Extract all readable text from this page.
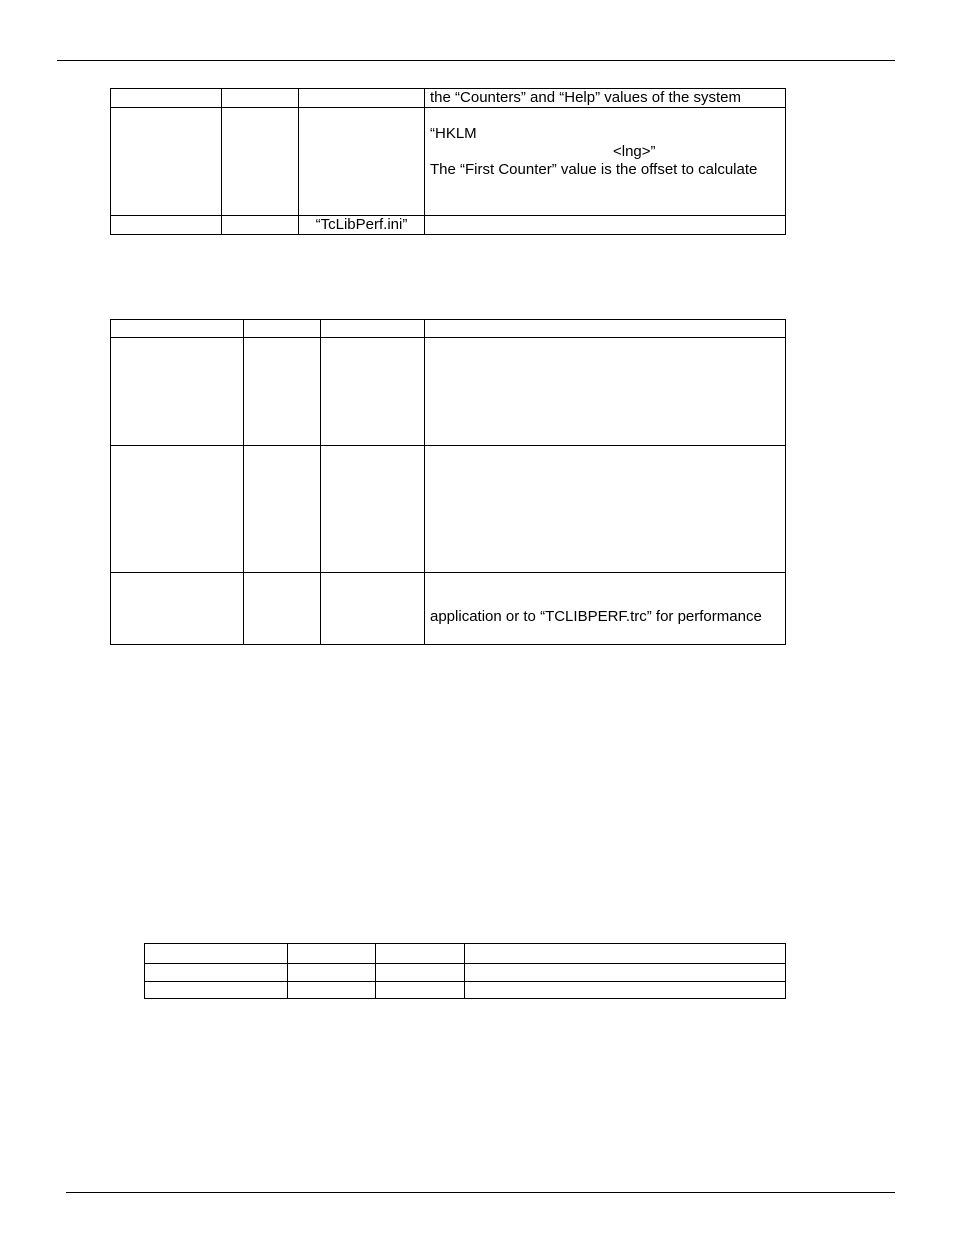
			the “Counters” and “Help” values of the system

			“HKLM
<lng>”
The “First Counter” value is the offset to calculate

		“TcLibPerf.ini”	

			application or to “TCLIBPERF.trc” for performance
